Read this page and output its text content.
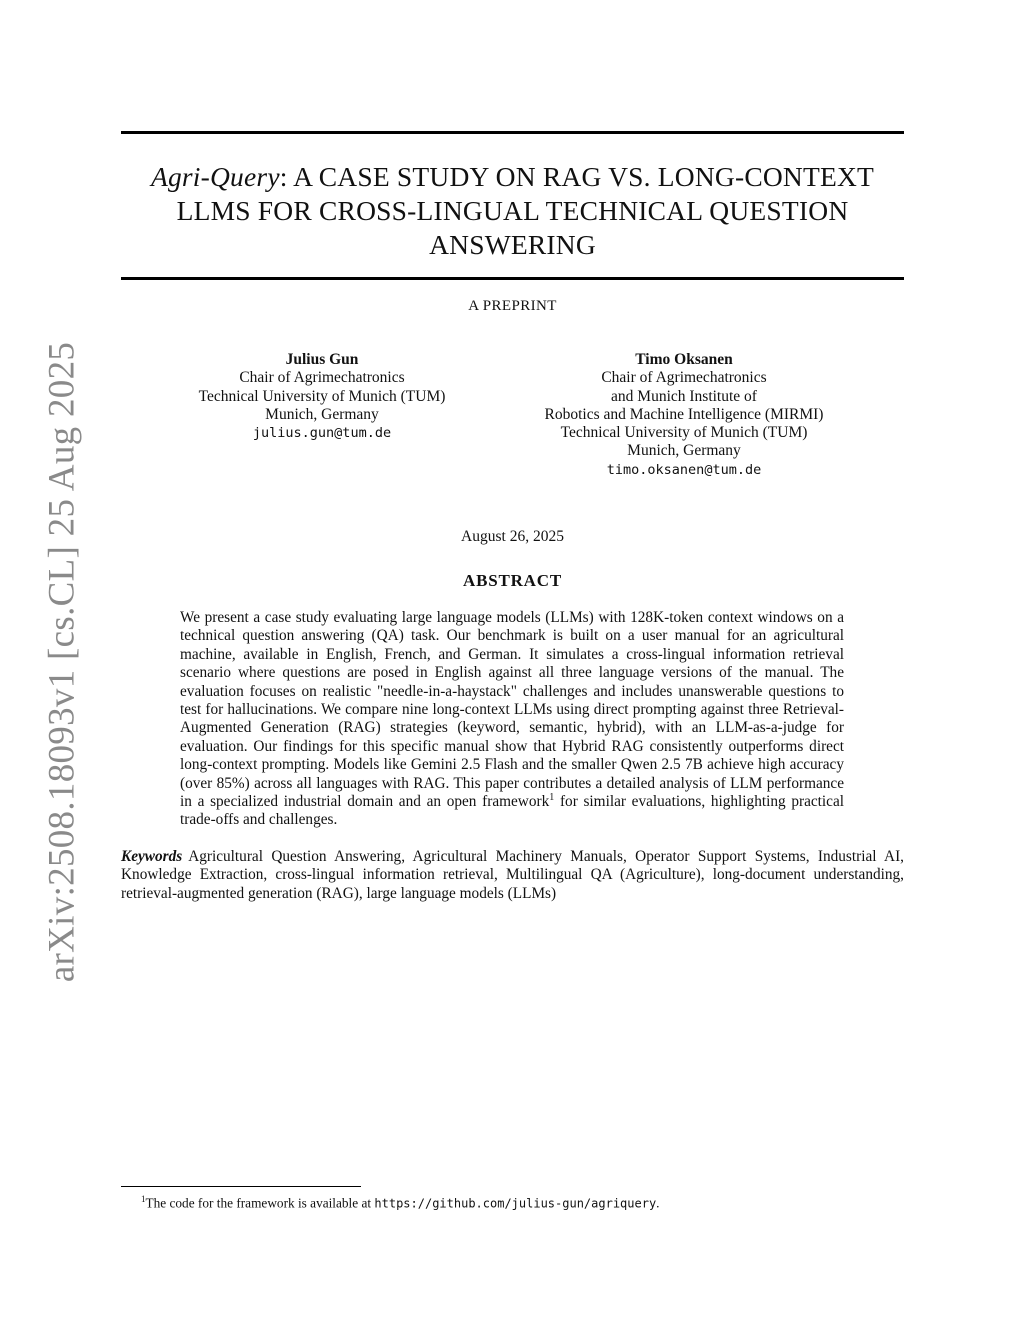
arXiv:2508.18093v1 [cs.CL] 25 Aug 2025
Agri-Query: A CASE STUDY ON RAG VS. LONG-CONTEXT LLMS FOR CROSS-LINGUAL TECHNICAL QUESTION ANSWERING
A PREPRINT
Julius Gun
Chair of Agrimechatronics
Technical University of Munich (TUM)
Munich, Germany
julius.gun@tum.de
Timo Oksanen
Chair of Agrimechatronics
and Munich Institute of
Robotics and Machine Intelligence (MIRMI)
Technical University of Munich (TUM)
Munich, Germany
timo.oksanen@tum.de
August 26, 2025
ABSTRACT
We present a case study evaluating large language models (LLMs) with 128K-token context windows on a technical question answering (QA) task. Our benchmark is built on a user manual for an agricultural machine, available in English, French, and German. It simulates a cross-lingual information retrieval scenario where questions are posed in English against all three language versions of the manual. The evaluation focuses on realistic "needle-in-a-haystack" challenges and includes unanswerable questions to test for hallucinations. We compare nine long-context LLMs using direct prompting against three Retrieval-Augmented Generation (RAG) strategies (keyword, semantic, hybrid), with an LLM-as-a-judge for evaluation. Our findings for this specific manual show that Hybrid RAG consistently outperforms direct long-context prompting. Models like Gemini 2.5 Flash and the smaller Qwen 2.5 7B achieve high accuracy (over 85%) across all languages with RAG. This paper contributes a detailed analysis of LLM performance in a specialized industrial domain and an open framework$^1$ for similar evaluations, highlighting practical trade-offs and challenges.
Keywords Agricultural Question Answering, Agricultural Machinery Manuals, Operator Support Systems, Industrial AI, Knowledge Extraction, cross-lingual information retrieval, Multilingual QA (Agriculture), long-document understanding, retrieval-augmented generation (RAG), large language models (LLMs)
$^1$The code for the framework is available at https://github.com/julius-gun/agriquery.
